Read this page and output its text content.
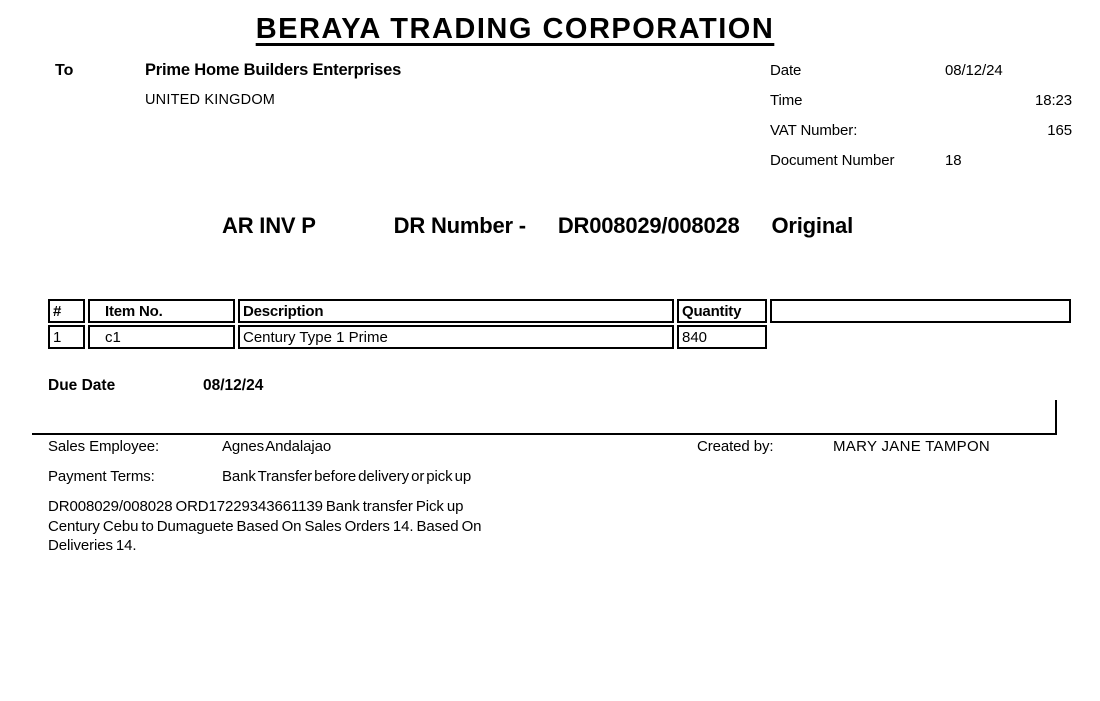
BERAYA TRADING CORPORATION
To	Prime Home Builders Enterprises
UNITED KINGDOM
Date	08/12/24
Time	18:23
VAT Number:	165
Document Number	18
AR INV P	DR Number - DR008029/008028 Original
#	Item No.	Description	Quantity	
1	c1	Century Type 1 Prime	840	
Due Date	08/12/24
Sales Employee:	Agnes Andalajao	Created by:	MARY JANE TAMPON
Payment Terms:	Bank Transfer before delivery or pick up
DR008029/008028 ORD17229343661139 Bank transfer Pick up
Century Cebu to Dumaguete Based On Sales Orders 14. Based On
Deliveries 14.
